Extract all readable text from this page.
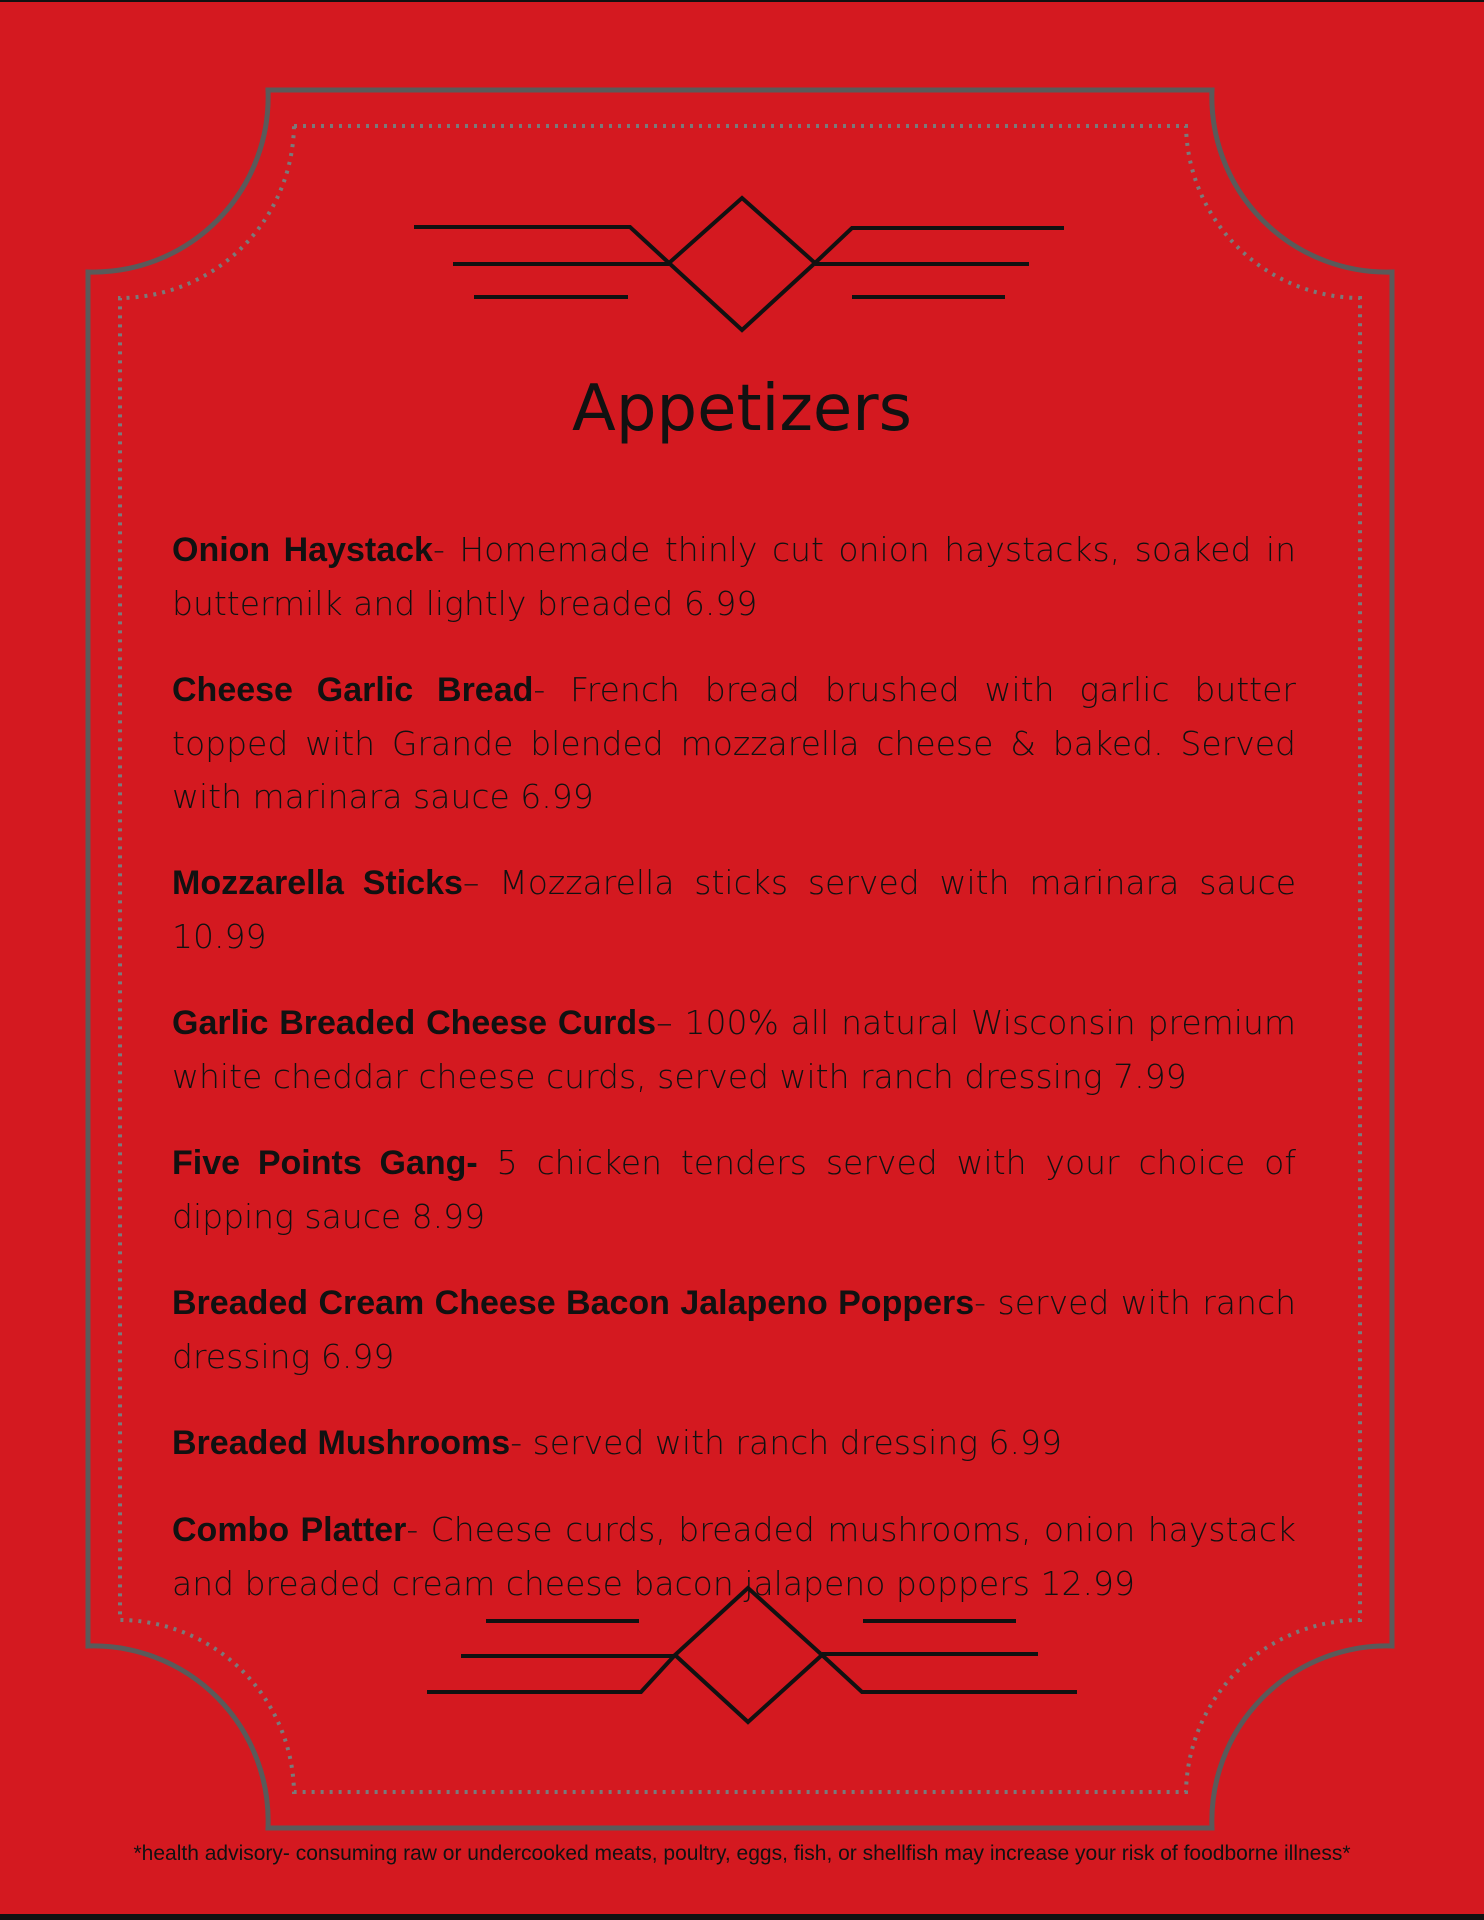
Appetizers

Onion Haystack- Homemade thinly cut onion haystacks, soaked in buttermilk and lightly breaded 6.99

Cheese Garlic Bread- French bread brushed with garlic butter topped with Grande blended mozzarella cheese & baked. Served with marinara sauce 6.99

Mozzarella Sticks– Mozzarella sticks served with marinara sauce 10.99

Garlic Breaded Cheese Curds– 100% all natural Wisconsin premium white cheddar cheese curds, served with ranch dressing 7.99

Five Points Gang- 5 chicken tenders served with your choice of dipping sauce 8.99

Breaded Cream Cheese Bacon Jalapeno Poppers- served with ranch dressing 6.99

Breaded Mushrooms- served with ranch dressing 6.99

Combo Platter- Cheese curds, breaded mushrooms, onion haystack and breaded cream cheese bacon jalapeno poppers 12.99

*health advisory- consuming raw or undercooked meats, poultry, eggs, fish, or shellfish may increase your risk of foodborne illness*
